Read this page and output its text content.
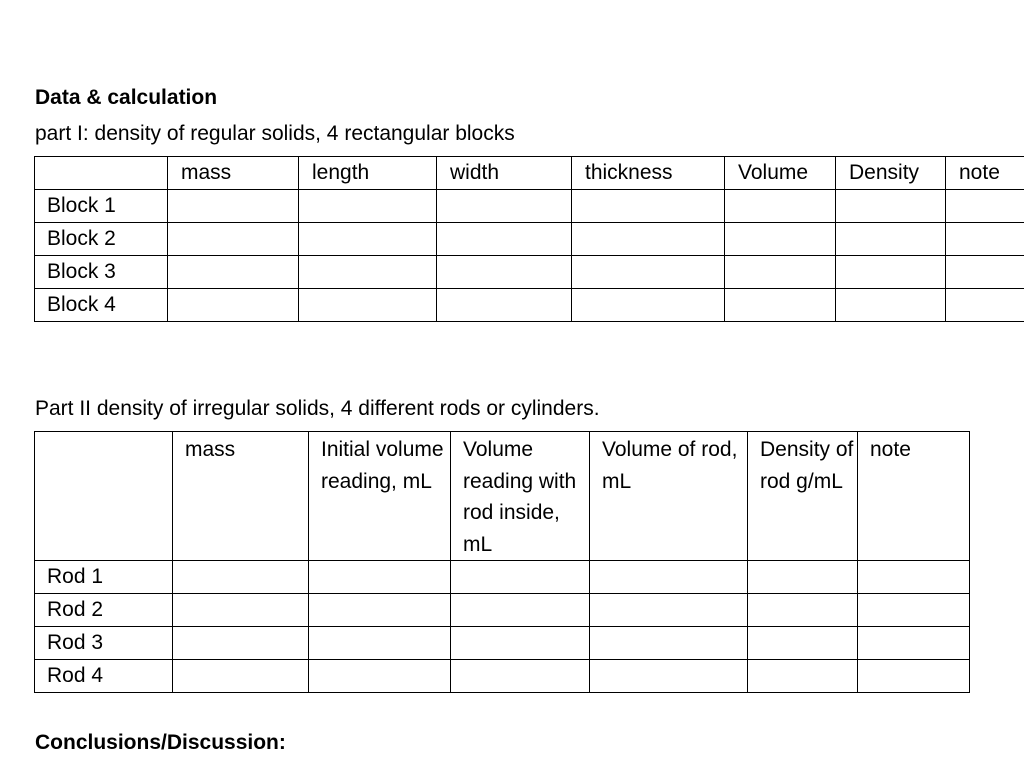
Data & calculation
part I: density of regular solids, 4 rectangular blocks
	mass	length	width	thickness	Volume	Density	note
Block 1							
Block 2							
Block 3							
Block 4							
Part II density of irregular solids, 4 different rods or cylinders.
	mass	Initial volume reading, mL	Volume reading with rod inside, mL	Volume of rod, mL	Density of rod g/mL	note
Rod 1						
Rod 2						
Rod 3						
Rod 4						
Conclusions/Discussion:
